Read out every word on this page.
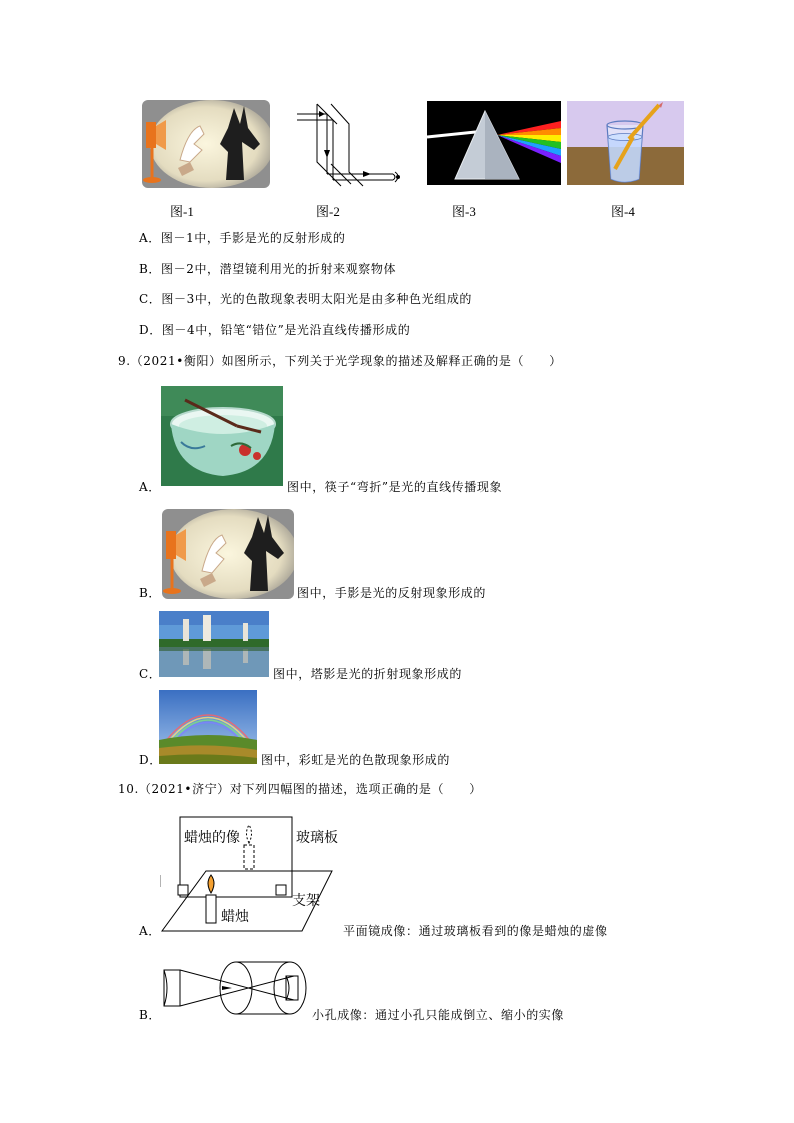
图-1	图-2	图-3	图-4
A．图－1中，手影是光的反射形成的
B．图－2中，潜望镜利用光的折射来观察物体
C．图－3中，光的色散现象表明太阳光是由多种色光组成的
D．图－4中，铅笔“错位”是光沿直线传播形成的
9.（2021•衡阳）如图所示，下列关于光学现象的描述及解释正确的是（　　）
A．	图中，筷子“弯折”是光的直线传播现象
B．	图中，手影是光的反射现象形成的
C．	图中，塔影是光的折射现象形成的
D．	图中，彩虹是光的色散现象形成的
10.（2021•济宁）对下列四幅图的描述，选项正确的是（　　）
蜡烛的像	玻璃板
支架
蜡烛
A．	平面镜成像：通过玻璃板看到的像是蜡烛的虚像
B．	小孔成像：通过小孔只能成倒立、缩小的实像
